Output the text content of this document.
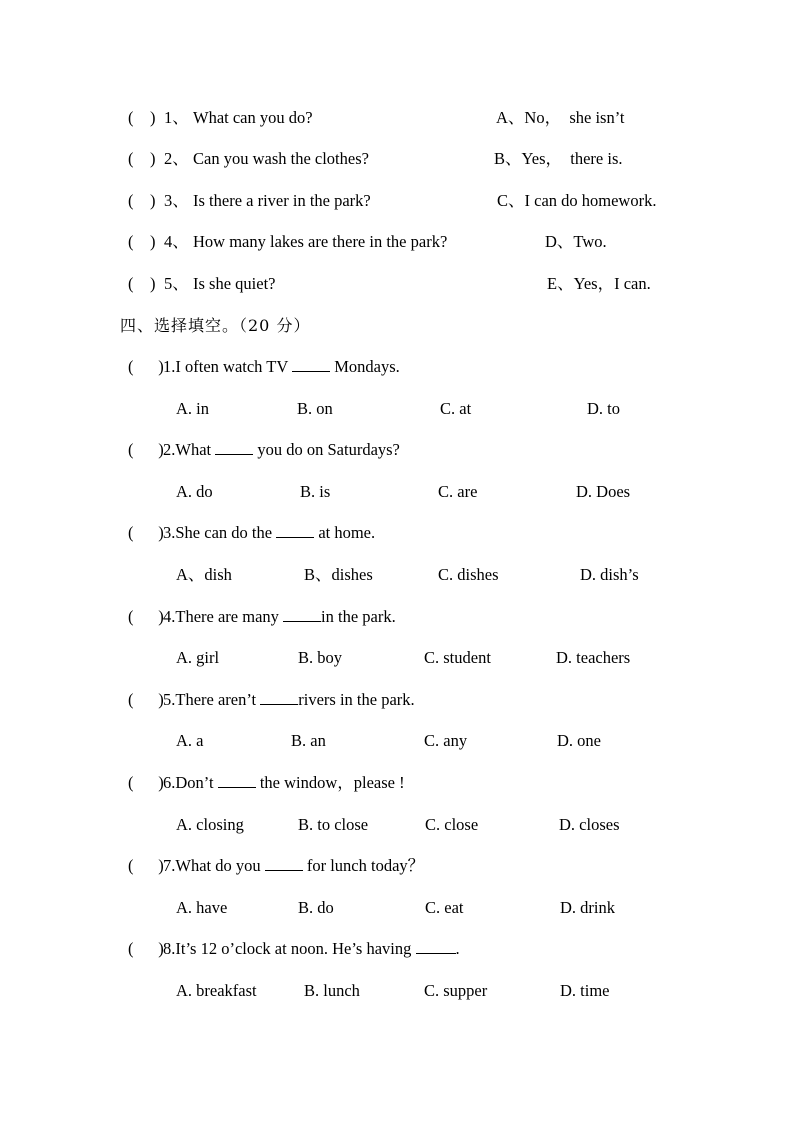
(    ) 1、 What can you do?	A、No，  she isn’t
(    ) 2、 Can you wash the clothes?	B、Yes，  there is.
(    ) 3、 Is there a river in the park?	C、I can do homework.
(    ) 4、 How many lakes are there in the park?	D、Two.
(    ) 5、 Is she quiet?	E、Yes，I can.
四、选择填空。（20 分）
(      ) 1.I often watch TV  Mondays.
A. in	B. on	C. at	D. to
(      ) 2.What  you do on Saturdays?
A. do	B. is	C. are	D. Does
(      ) 3.She can do the  at home.
A、dish	B、dishes	C. dishes	D. dish’s
(      ) 4.There are many in the park.
A. girl	B. boy	C. student	D. teachers
(      ) 5.There aren’t rivers in the park.
A. a	B. an	C. any	D. one
(      ) 6.Don’t  the window，please !
A. closing	B. to close	C. close	D. closes
(      ) 7.What do you  for lunch today？
A. have	B. do	C. eat	D. drink
(      ) 8.It’s 12 o’clock at noon. He’s having .
A. breakfast	B. lunch	C. supper	D. time
